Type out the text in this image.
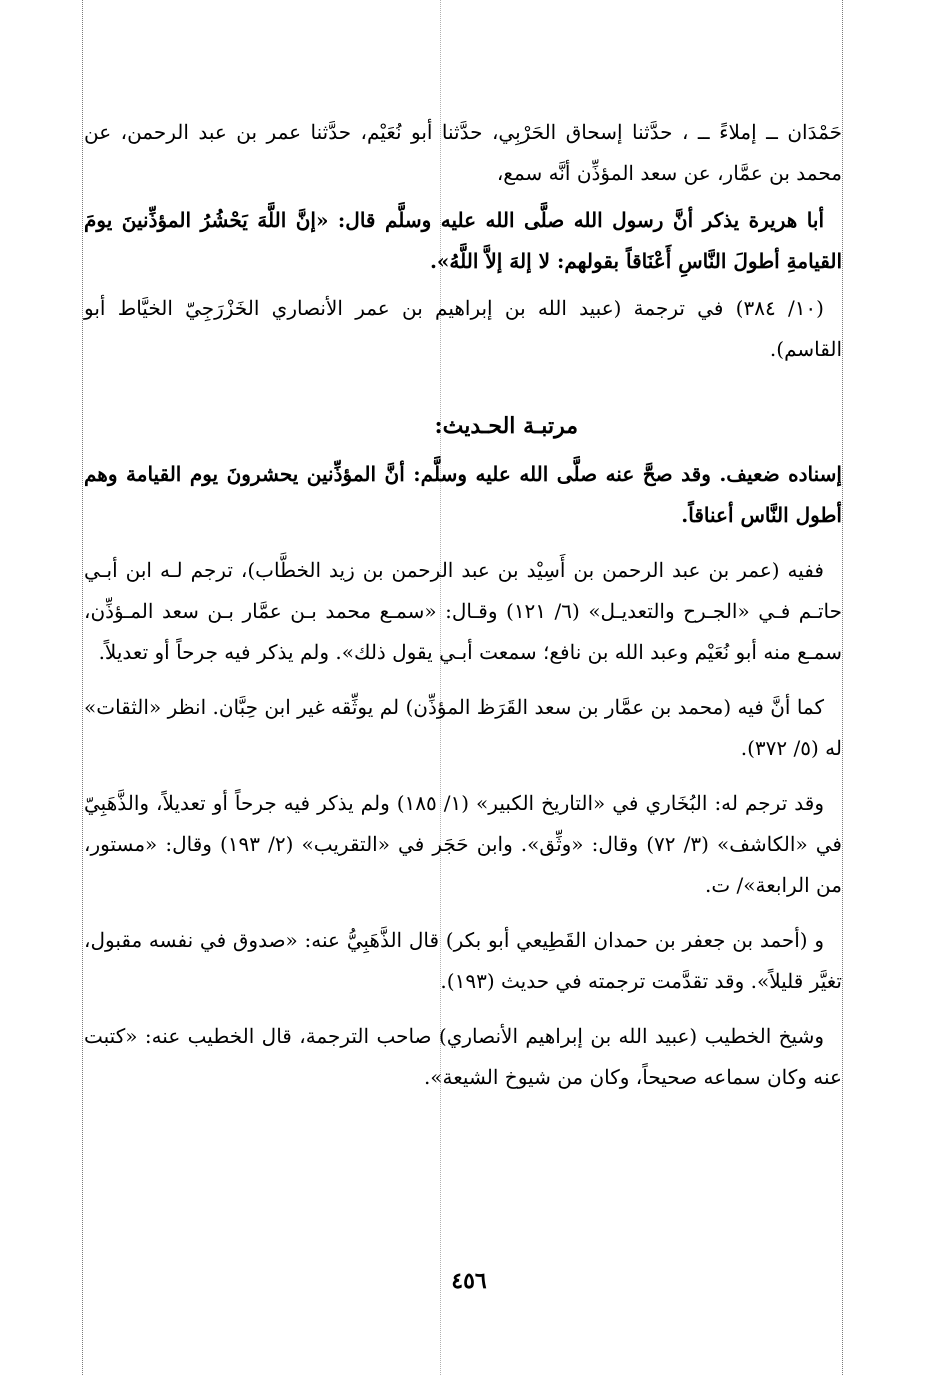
حَمْدَان ــ إملاءً ــ ، حدَّثنا إسحاق الحَرْبِي، حدَّثنا أبو نُعَيْم، حدَّثنا عمر بن عبد الرحمن، عن محمد بن عمَّار، عن سعد المؤذِّن أنَّه سمع،

أبا هريرة يذكر أنَّ رسول الله صلَّى الله عليه وسلَّم قال: «إنَّ اللَّهَ يَحْشُرُ المؤذِّنينَ يومَ القيامةِ أطولَ النَّاسِ أَعْنَاقاً بقولهم: لا إلهَ إلاَّ اللَّهُ».

(١٠/ ٣٨٤) في ترجمة (عبيد الله بن إبراهيم بن عمر الأنصاري الخَزْرَجِيّ الخيَّاط أبو القاسم).

مرتبـة الحـديث:

إسناده ضعيف. وقد صحَّ عنه صلَّى الله عليه وسلَّم: أنَّ المؤذِّنين يحشرونَ يوم القيامة وهم أطول النَّاس أعناقاً.

ففيه (عمر بن عبد الرحمن بن أَسِيْد بن عبد الرحمن بن زيد الخطَّاب)، ترجم لـه ابن أبـي حاتـم فـي «الجـرح والتعديـل» (٦/ ١٢١) وقـال: «سمـع محمد بـن عمَّار بـن سعد المـؤذِّن، سمـع منه أبو نُعَيْم وعبد الله بن نافع؛ سمعت أبـي يقول ذلك». ولم يذكر فيه جرحاً أو تعديلاً.

كما أنَّ فيه (محمد بن عمَّار بن سعد القَرَظ المؤذِّن) لم يوثِّقه غير ابن حِبَّان. انظر «الثقات» له (٥/ ٣٧٢).

وقد ترجم له: البُخَاري في «التاريخ الكبير» (١/ ١٨٥) ولم يذكر فيه جرحاً أو تعديلاً، والذَّهَبِيّ في «الكاشف» (٣/ ٧٢) وقال: «وثِّق». وابن حَجَر في «التقريب» (٢/ ١٩٣) وقال: «مستور، من الرابعة»/ ت.

و (أحمد بن جعفر بن حمدان القَطِيعي أبو بكر) قال الذَّهَبِيُّ عنه: «صدوق في نفسه مقبول، تغيَّر قليلاً». وقد تقدَّمت ترجمته في حديث (١٩٣).

وشيخ الخطيب (عبيد الله بن إبراهيم الأنصاري) صاحب الترجمة، قال الخطيب عنه: «كتبت عنه وكان سماعه صحيحاً، وكان من شيوخ الشيعة».

٤٥٦
